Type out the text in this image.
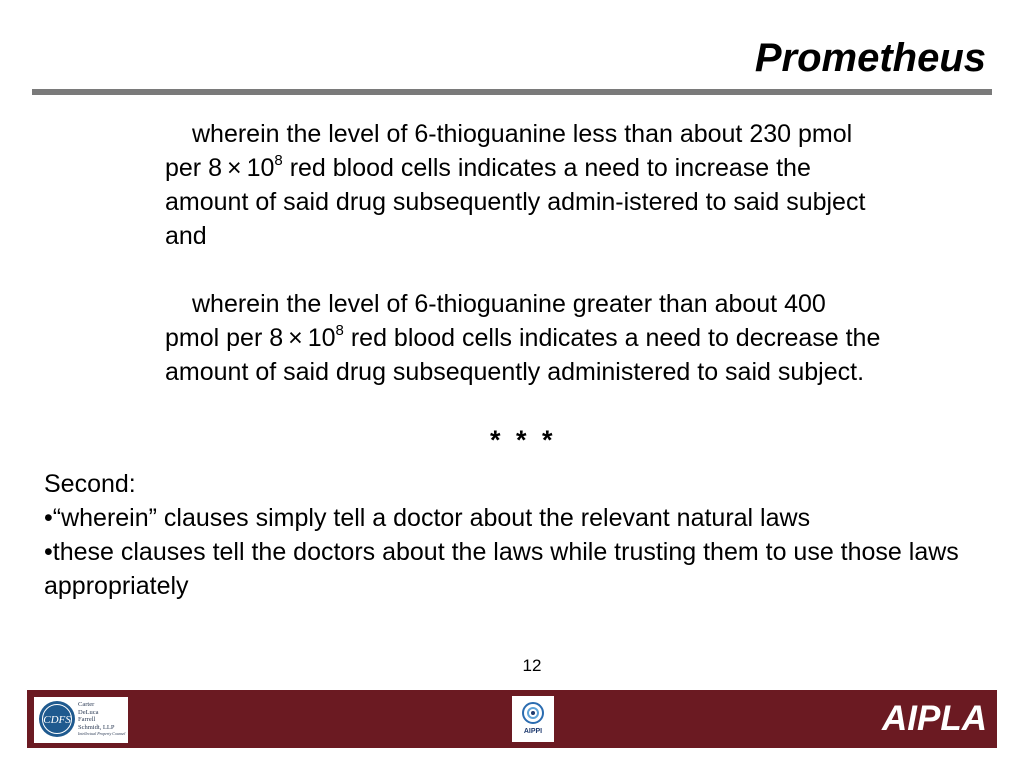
Prometheus
wherein the level of 6-thioguanine less than about 230 pmol per $8 \times 10^8$ red blood cells indicates a need to increase the amount of said drug subsequently admin-istered to said subject and
wherein the level of 6-thioguanine greater than about 400 pmol per $8 \times 10^8$ red blood cells indicates a need to decrease the amount of said drug subsequently administered to said subject.
* * *
Second:
•“wherein” clauses simply tell a doctor about the relevant natural laws
•these clauses tell the doctors about the laws while trusting them to use those laws appropriately
12
CDFS
Carter
DeLuca
Farrell
Schmidt, LLP
Intellectual Property Counsel	AIPPI	AIPLA
